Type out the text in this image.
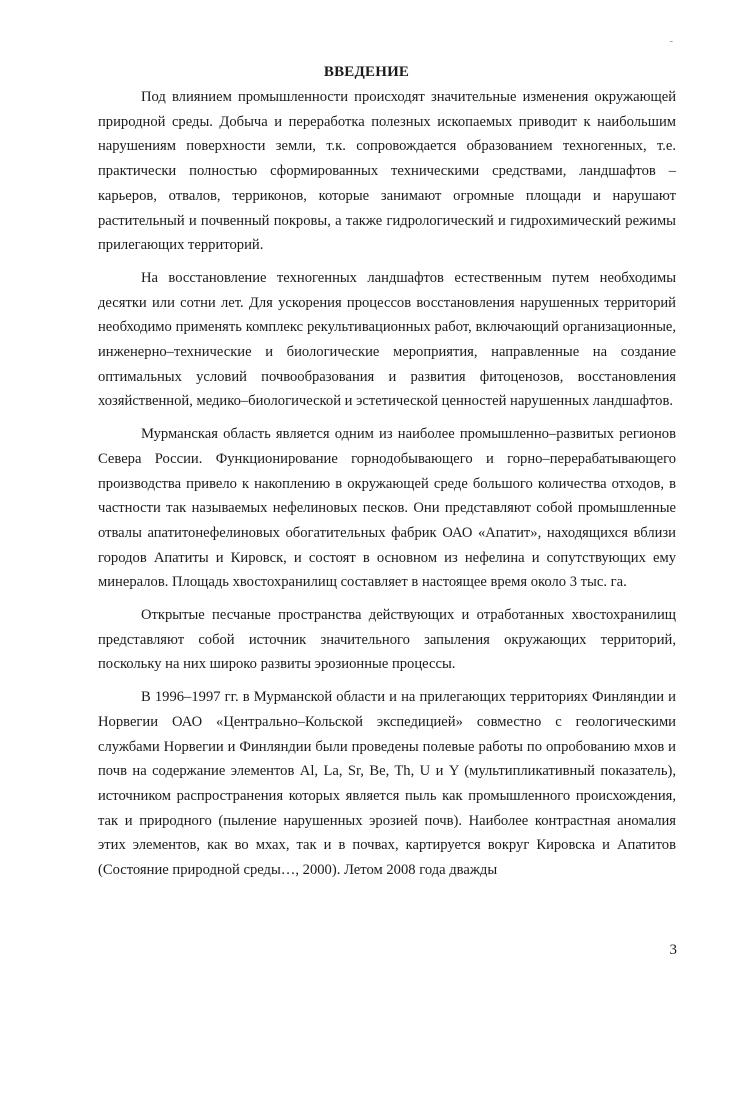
-
ВВЕДЕНИЕ

Под влиянием промышленности происходят значительные изменения окружающей природной среды. Добыча и переработка полезных ископаемых приводит к наибольшим нарушениям поверхности земли, т.к. сопровождается образованием техногенных, т.е. практически полностью сформированных техническими средствами, ландшафтов – карьеров, отвалов, терриконов, которые занимают огромные площади и нарушают растительный и почвенный покровы, а также гидрологический и гидрохимический режимы прилегающих территорий.

На восстановление техногенных ландшафтов естественным путем необходимы десятки или сотни лет. Для ускорения процессов восстановления нарушенных территорий необходимо применять комплекс рекультивационных работ, включающий организационные, инженерно–технические и биологические мероприятия, направленные на создание оптимальных условий почвообразования и развития фитоценозов, восстановления хозяйственной, медико–биологической и эстетической ценностей нарушенных ландшафтов.

Мурманская область является одним из наиболее промышленно–развитых регионов Севера России. Функционирование горнодобывающего и горно–перерабатывающего производства привело к накоплению в окружающей среде большого количества отходов, в частности так называемых нефелиновых песков. Они представляют собой промышленные отвалы апатитонефелиновых обогатительных фабрик ОАО «Апатит», находящихся вблизи городов Апатиты и Кировск, и состоят в основном из нефелина и сопутствующих ему минералов. Площадь хвостохранилищ составляет в настоящее время около 3 тыс. га.

Открытые песчаные пространства действующих и отработанных хвостохранилищ представляют собой источник значительного запыления окружающих территорий, поскольку на них широко развиты эрозионные процессы.

В 1996–1997 гг. в Мурманской области и на прилегающих территориях Финляндии и Норвегии ОАО «Центрально–Кольской экспедицией» совместно с геологическими службами Норвегии и Финляндии были проведены полевые работы по опробованию мхов и почв на содержание элементов Al, La, Sr, Be, Th, U и Y (мультипликативный показатель), источником распространения которых является пыль как промышленного происхождения, так и природного (пыление нарушенных эрозией почв). Наиболее контрастная аномалия этих элементов, как во мхах, так и в почвах, картируется вокруг Кировска и Апатитов (Состояние природной среды…, 2000). Летом 2008 года дважды

3
